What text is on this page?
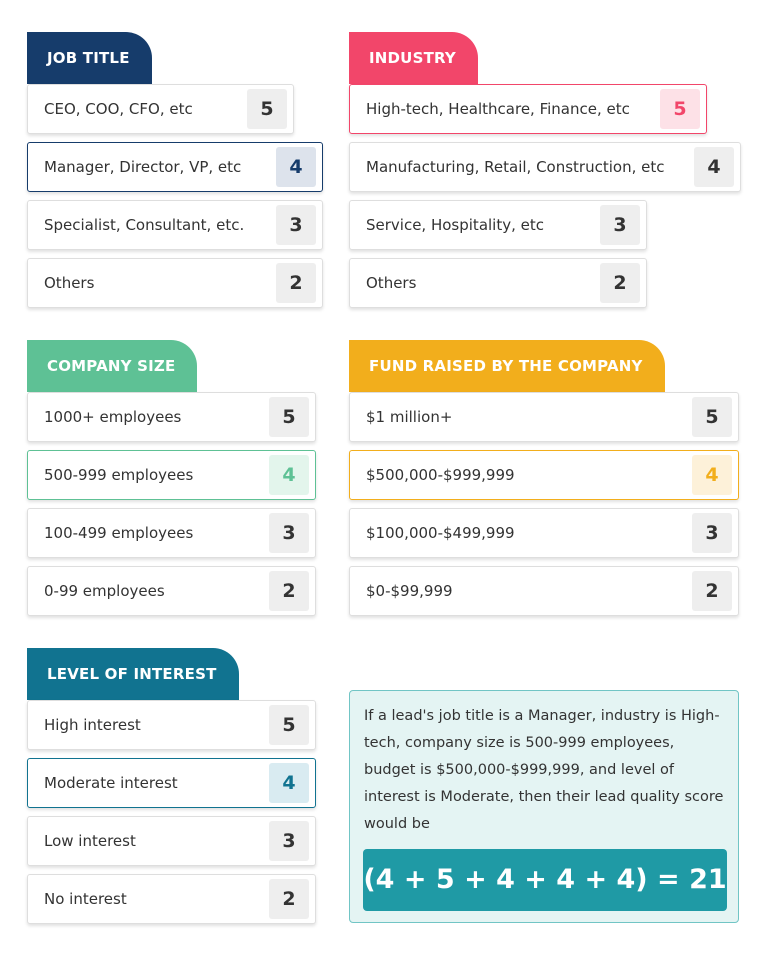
JOB TITLE
CEO, COO, CFO, etc	5
Manager, Director, VP, etc	4
Specialist, Consultant, etc.	3
Others	2
INDUSTRY
High-tech, Healthcare, Finance, etc	5
Manufacturing, Retail, Construction, etc	4
Service, Hospitality, etc	3
Others	2
COMPANY SIZE
1000+ employees	5
500-999 employees	4
100-499 employees	3
0-99 employees	2
FUND RAISED BY THE COMPANY
$1 million+	5
$500,000-$999,999	4
$100,000-$499,999	3
$0-$99,999	2
LEVEL OF INTEREST
High interest	5
Moderate interest	4
Low interest	3
No interest	2

If a lead's job title is a Manager, industry is High-tech, company size is 500-999 employees, budget is $500,000-$999,999, and level of interest is Moderate, then their lead quality score would be

(4 + 5 + 4 + 4 + 4) = 21
